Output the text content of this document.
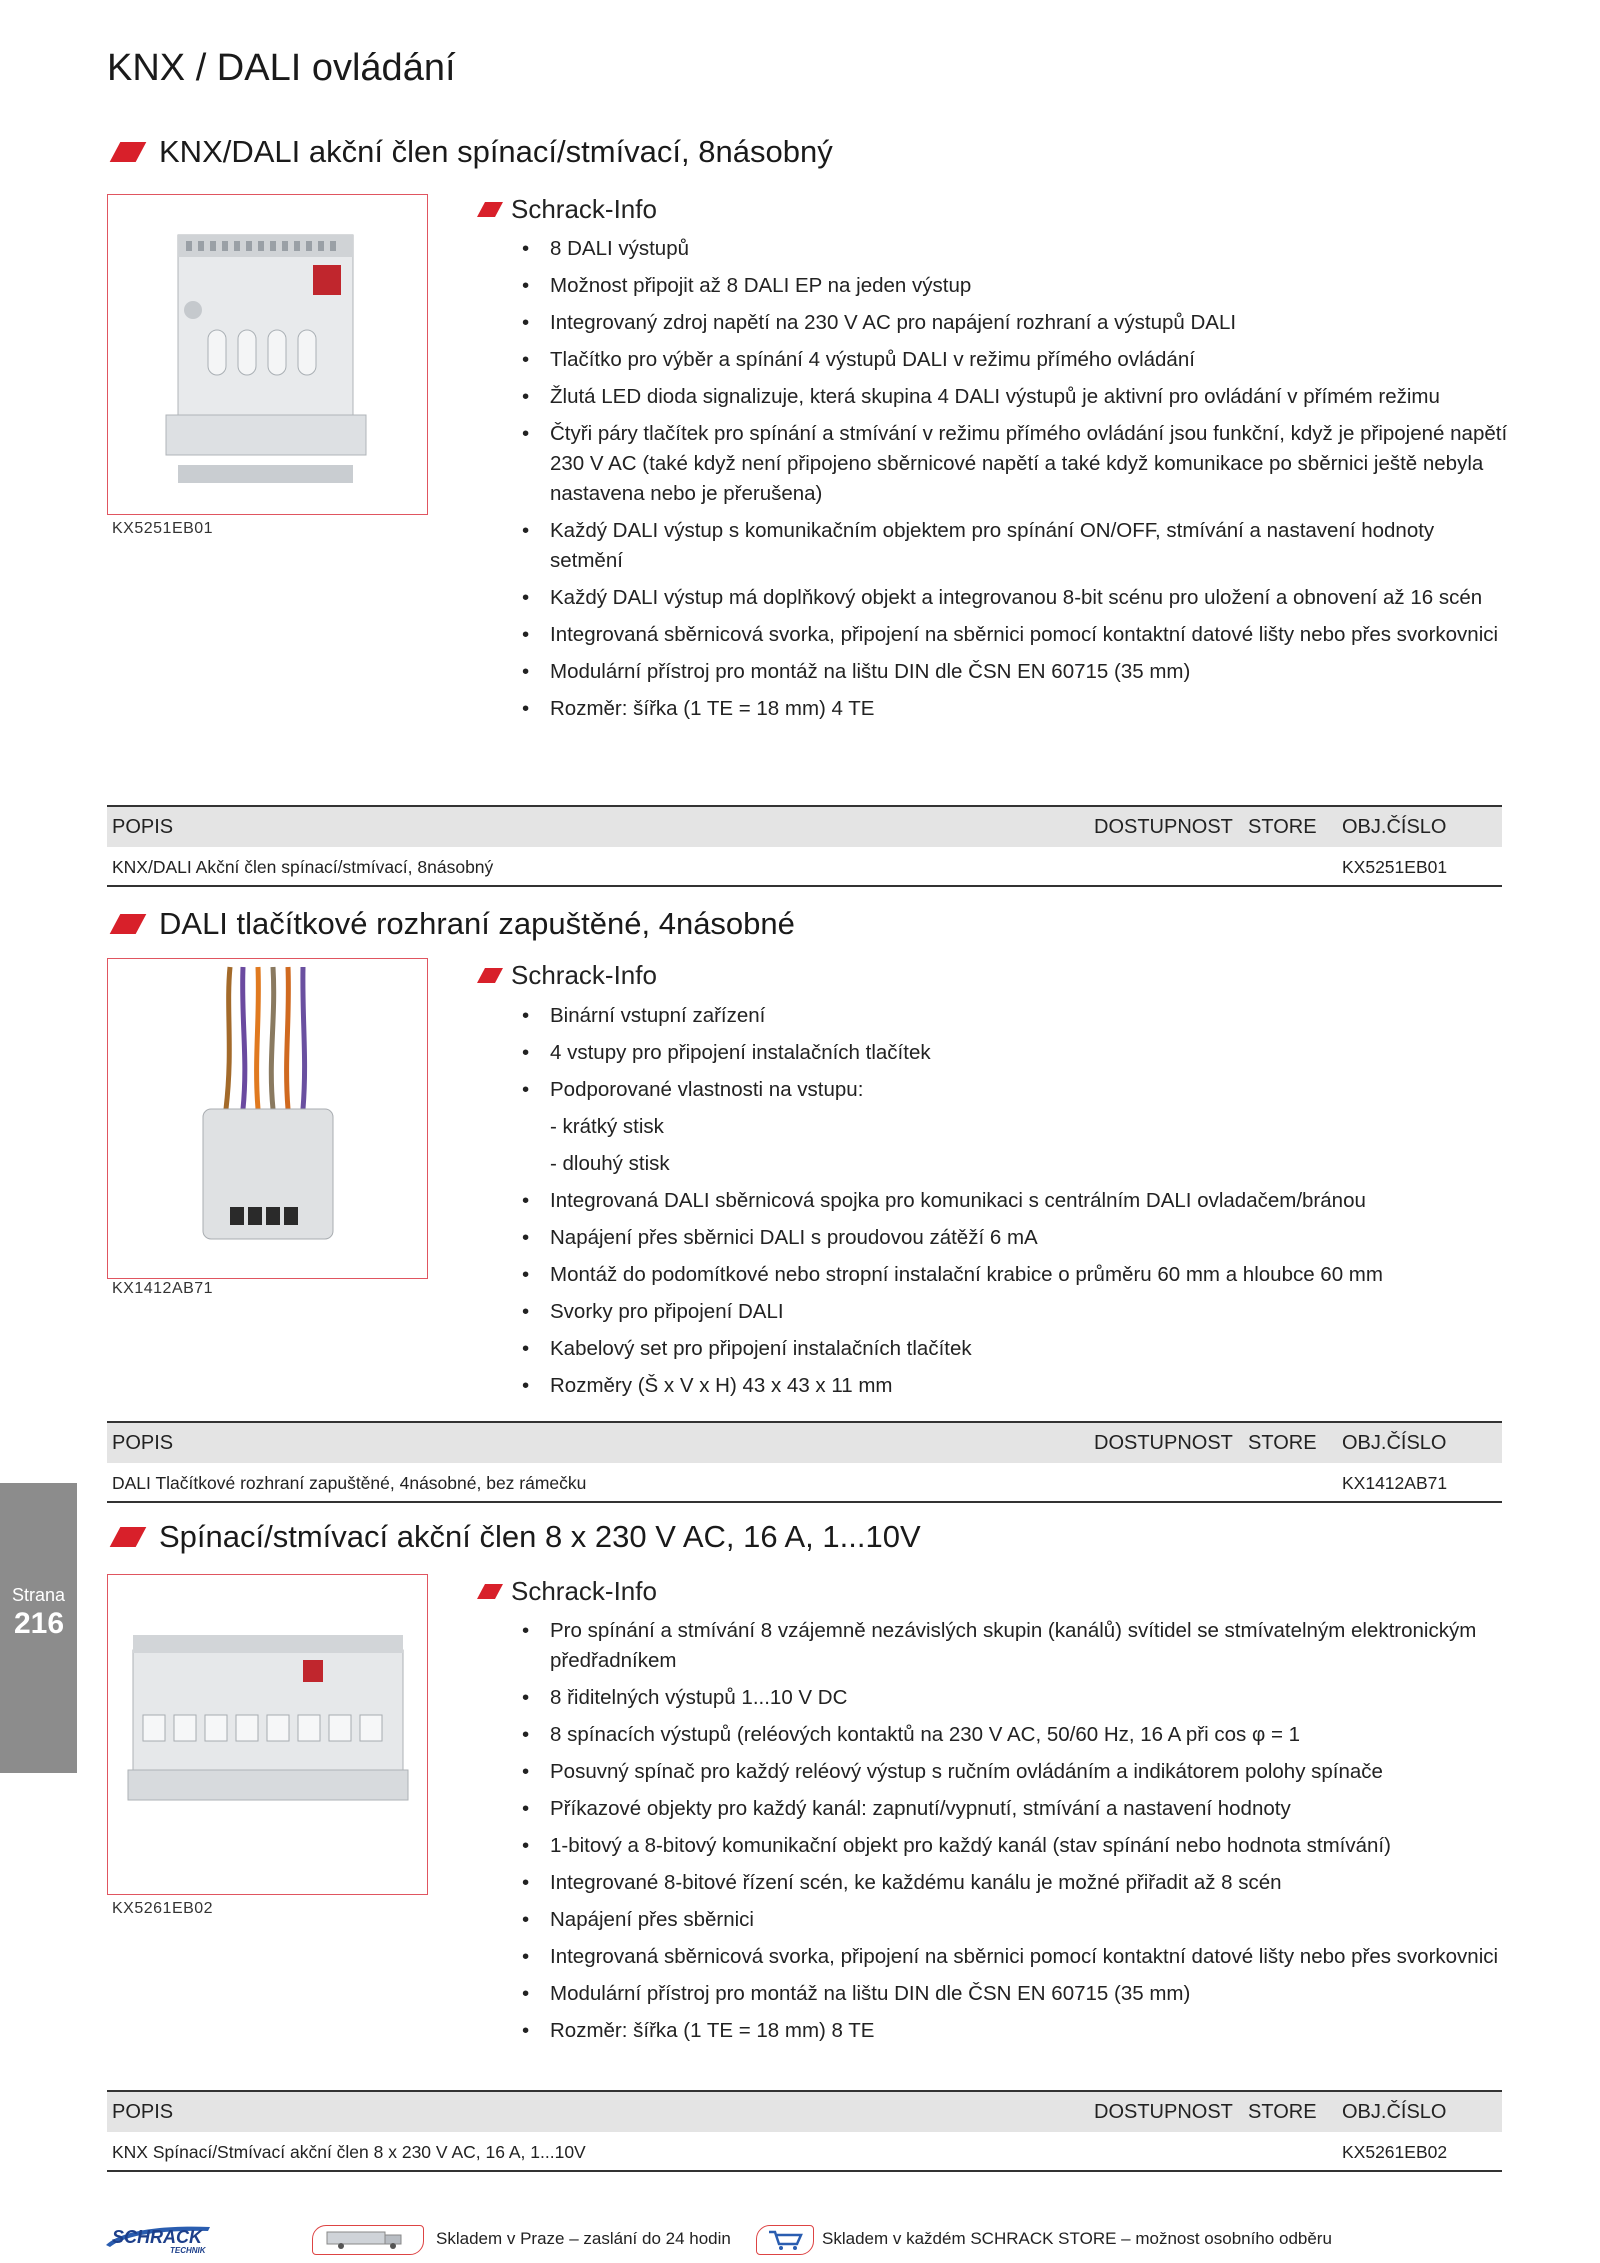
KNX / DALI ovládání
KNX/DALI akční člen spínací/stmívací, 8násobný
KX5251EB01
Schrack-Info
• 8 DALI výstupů
• Možnost připojit až 8 DALI EP na jeden výstup
• Integrovaný zdroj napětí na 230 V AC pro napájení rozhraní a výstupů DALI
• Tlačítko pro výběr a spínání 4 výstupů DALI v režimu přímého ovládání
• Žlutá LED dioda signalizuje, která skupina 4 DALI výstupů je aktivní pro ovládání v přímém režimu
• Čtyři páry tlačítek pro spínání a stmívání v režimu přímého ovládání jsou funkční, když je připojené napětí 230 V AC (také když není připojeno sběrnicové napětí a také když komunikace po sběrnici ještě nebyla nastavena nebo je přerušena)
• Každý DALI výstup s komunikačním objektem pro spínání ON/OFF, stmívání a nastavení hodnoty setmění
• Každý DALI výstup má doplňkový objekt a integrovanou 8-bit scénu pro uložení a obnovení až 16 scén
• Integrovaná sběrnicová svorka, připojení na sběrnici pomocí kontaktní datové lišty nebo přes svorkovnici
• Modulární přístroj pro montáž na lištu DIN dle ČSN EN 60715 (35 mm)
• Rozměr: šířka (1 TE = 18 mm) 4 TE
POPIS	DOSTUPNOST STORE OBJ.ČÍSLO
KNX/DALI Akční člen spínací/stmívací, 8násobný	KX5251EB01
DALI tlačítkové rozhraní zapuštěné, 4násobné
KX1412AB71
Schrack-Info
• Binární vstupní zařízení
• 4 vstupy pro připojení instalačních tlačítek
• Podporované vlastnosti na vstupu:
- krátký stisk
- dlouhý stisk
• Integrovaná DALI sběrnicová spojka pro komunikaci s centrálním DALI ovladačem/bránou
• Napájení přes sběrnici DALI s proudovou zátěží 6 mA
• Montáž do podomítkové nebo stropní instalační krabice o průměru 60 mm a hloubce 60 mm
• Svorky pro připojení DALI
• Kabelový set pro připojení instalačních tlačítek
• Rozměry (Š x V x H) 43 x 43 x 11 mm
POPIS	DOSTUPNOST STORE OBJ.ČÍSLO
DALI Tlačítkové rozhraní zapuštěné, 4násobné, bez rámečku	KX1412AB71
Spínací/stmívací akční člen 8 x 230 V AC, 16 A, 1...10V
KX5261EB02
Schrack-Info
• Pro spínání a stmívání 8 vzájemně nezávislých skupin (kanálů) svítidel se stmívatelným elektronickým předřadníkem
• 8 řiditelných výstupů 1...10 V DC
• 8 spínacích výstupů (reléových kontaktů na 230 V AC, 50/60 Hz, 16 A při cos φ = 1
• Posuvný spínač pro každý reléový výstup s ručním ovládáním a indikátorem polohy spínače
• Příkazové objekty pro každý kanál: zapnutí/vypnutí, stmívání a nastavení hodnoty
• 1-bitový a 8-bitový komunikační objekt pro každý kanál (stav spínání nebo hodnota stmívání)
• Integrované 8-bitové řízení scén, ke každému kanálu je možné přiřadit až 8 scén
• Napájení přes sběrnici
• Integrovaná sběrnicová svorka, připojení na sběrnici pomocí kontaktní datové lišty nebo přes svorkovnici
• Modulární přístroj pro montáž na lištu DIN dle ČSN EN 60715 (35 mm)
• Rozměr: šířka (1 TE = 18 mm) 8 TE
POPIS	DOSTUPNOST STORE OBJ.ČÍSLO
KNX Spínací/Stmívací akční člen 8 x 230 V AC, 16 A, 1...10V	KX5261EB02
Strana
216
SCHRACK
TECHNIK
Skladem v Praze – zaslání do 24 hodin	Skladem v každém SCHRACK STORE – možnost osobního odběru
